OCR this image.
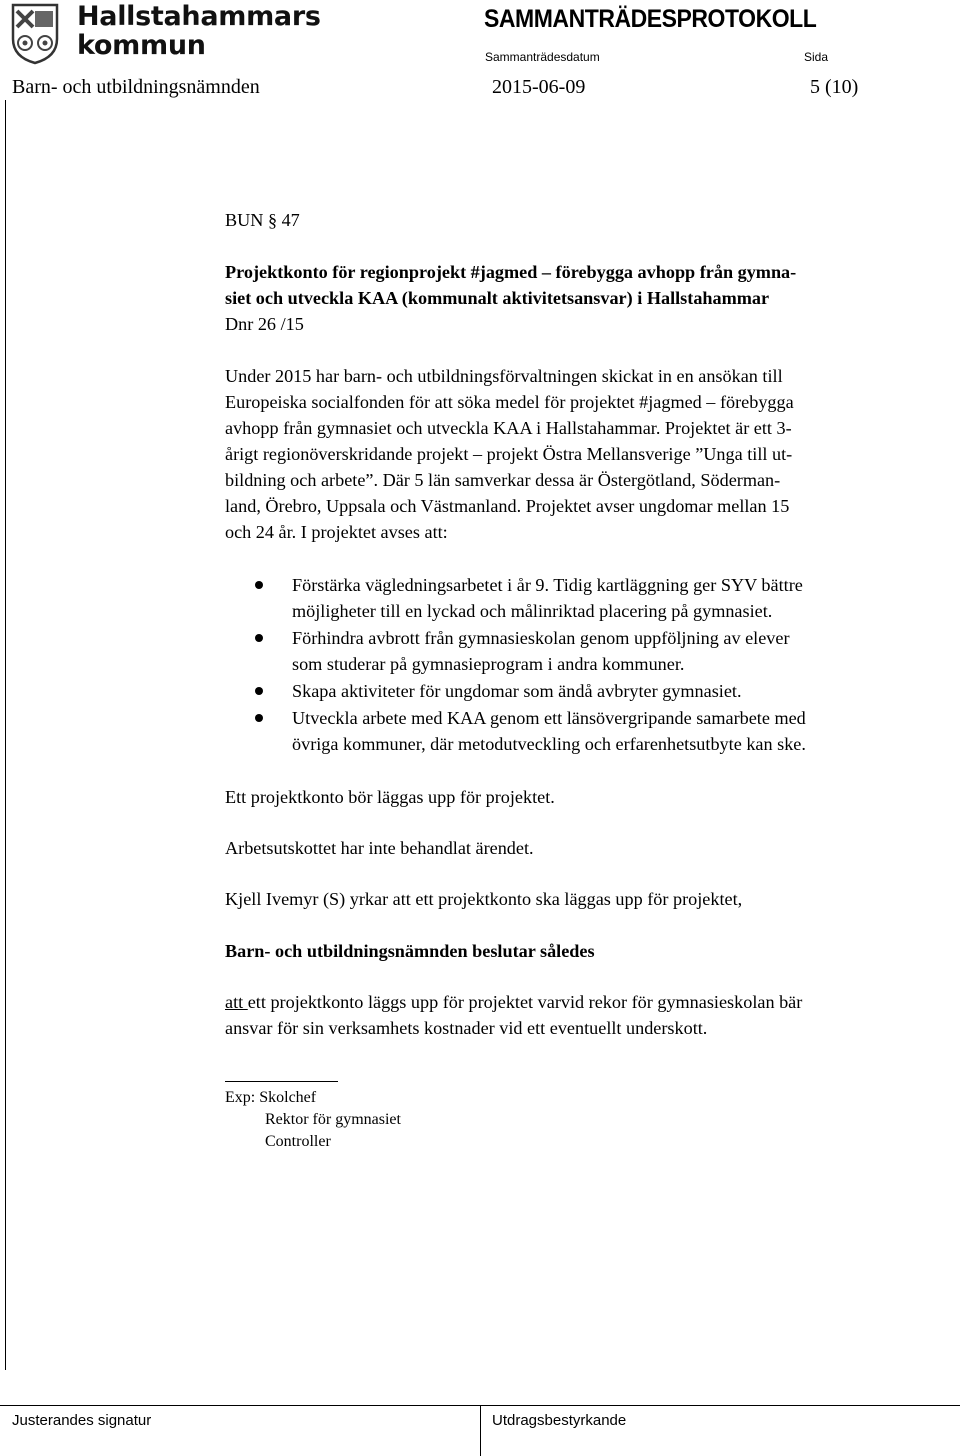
Hallstahammars
kommun
SAMMANTRÄDESPROTOKOLL
Sammanträdesdatum	Sida
Barn- och utbildningsnämnden	2015-06-09	5 (10)

BUN § 47

Projektkonto för regionprojekt #jagmed – förebygga avhopp från gymna-

siet och utveckla KAA (kommunalt aktivitetsansvar) i Hallstahammar

Dnr 26 /15

Under 2015 har barn- och utbildningsförvaltningen skickat in en ansökan till

Europeiska socialfonden för att söka medel för projektet #jagmed – förebygga

avhopp från gymnasiet och utveckla KAA i Hallstahammar. Projektet är ett 3-

årigt regionöverskridande projekt – projekt Östra Mellansverige ”Unga till ut-

bildning och arbete”. Där 5 län samverkar dessa är Östergötland, Söderman-

land, Örebro, Uppsala och Västmanland. Projektet avser ungdomar mellan 15

och 24 år. I projektet avses att:

Förstärka vägledningsarbetet i år 9. Tidig kartläggning ger SYV bättre
möjligheter till en lyckad och målinriktad placering på gymnasiet.
Förhindra avbrott från gymnasieskolan genom uppföljning av elever
som studerar på gymnasieprogram i andra kommuner.
Skapa aktiviteter för ungdomar som ändå avbryter gymnasiet.
Utveckla arbete med KAA genom ett länsövergripande samarbete med
övriga kommuner, där metodutveckling och erfarenhetsutbyte kan ske.

Ett projektkonto bör läggas upp för projektet.

Arbetsutskottet har inte behandlat ärendet.

Kjell Ivemyr (S) yrkar att ett projektkonto ska läggas upp för projektet,

Barn- och utbildningsnämnden beslutar således

att ett projektkonto läggs upp för projektet varvid rekor för gymnasieskolan bär

ansvar för sin verksamhets kostnader vid ett eventuellt underskott.

Exp: Skolchef
Rektor för gymnasiet
Controller
Justerandes signatur	Utdragsbestyrkande
